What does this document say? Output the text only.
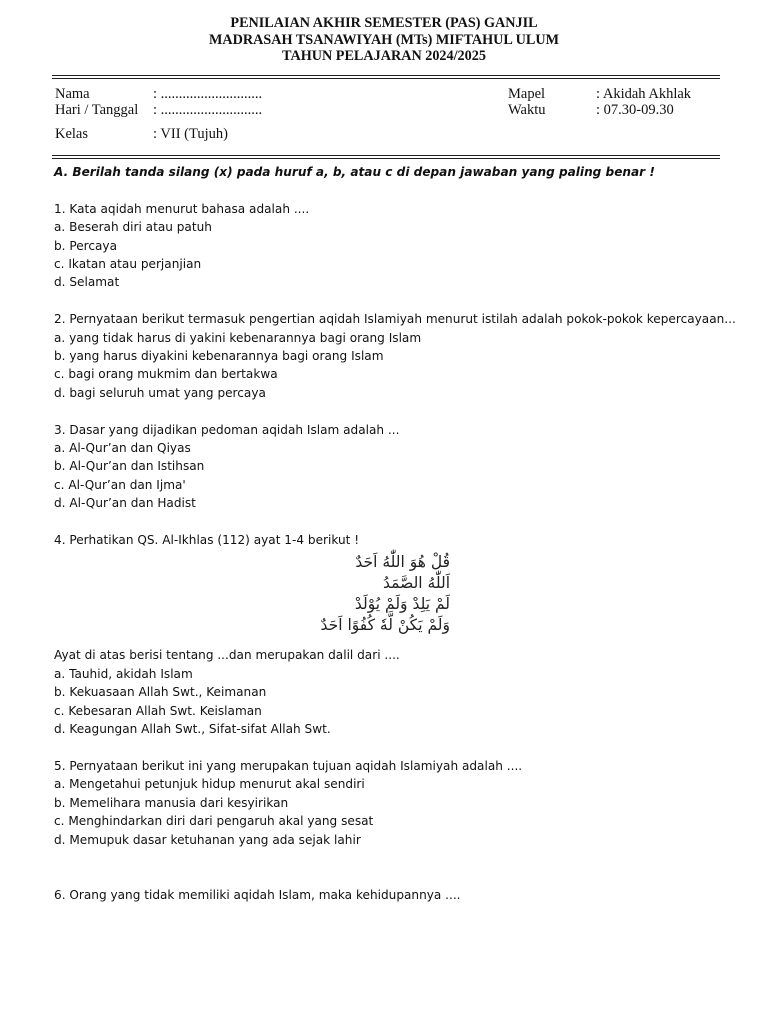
PENILAIAN AKHIR SEMESTER (PAS) GANJIL
MADRASAH TSANAWIYAH (MTs) MIFTAHUL ULUM
TAHUN PELAJARAN 2024/2025
Nama	: ............................
Hari / Tanggal : ............................
Kelas	: VII (Tujuh)
Mapel	: Akidah Akhlak
Waktu	: 07.30-09.30
A. Berilah tanda silang (x) pada huruf a, b, atau c di depan jawaban yang paling benar !
1. Kata aqidah menurut bahasa adalah ....
a. Beserah diri atau patuh
b. Percaya
c. Ikatan atau perjanjian
d. Selamat
2. Pernyataan berikut termasuk pengertian aqidah Islamiyah menurut istilah adalah pokok-pokok kepercayaan...
a. yang tidak harus di yakini kebenarannya bagi orang Islam
b. yang harus diyakini kebenarannya bagi orang Islam
c. bagi orang mukmim dan bertakwa
d. bagi seluruh umat yang percaya
3. Dasar yang dijadikan pedoman aqidah Islam adalah ...
a. Al-Qur’an dan Qiyas
b. Al-Qur’an dan Istihsan
c. Al-Qur’an dan Ijma'
d. Al-Qur’an dan Hadist
4. Perhatikan QS. Al-Ikhlas (112) ayat 1-4 berikut !
قُلْ هُوَ اللّٰهُ اَحَدٌ
اَللّٰهُ الصَّمَدُ
لَمْ يَلِدْ وَلَمْ يُوْلَدْ
وَلَمْ يَكُنْ لَّهٗ كُفُوًا اَحَدٌ
Ayat di atas berisi tentang ...dan merupakan dalil dari ....
a. Tauhid, akidah Islam
b. Kekuasaan Allah Swt., Keimanan
c. Kebesaran Allah Swt. Keislaman
d. Keagungan Allah Swt., Sifat-sifat Allah Swt.
5. Pernyataan berikut ini yang merupakan tujuan aqidah Islamiyah adalah ....
a. Mengetahui petunjuk hidup menurut akal sendiri
b. Memelihara manusia dari kesyirikan
c. Menghindarkan diri dari pengaruh akal yang sesat
d. Memupuk dasar ketuhanan yang ada sejak lahir
6. Orang yang tidak memiliki aqidah Islam, maka kehidupannya ....
